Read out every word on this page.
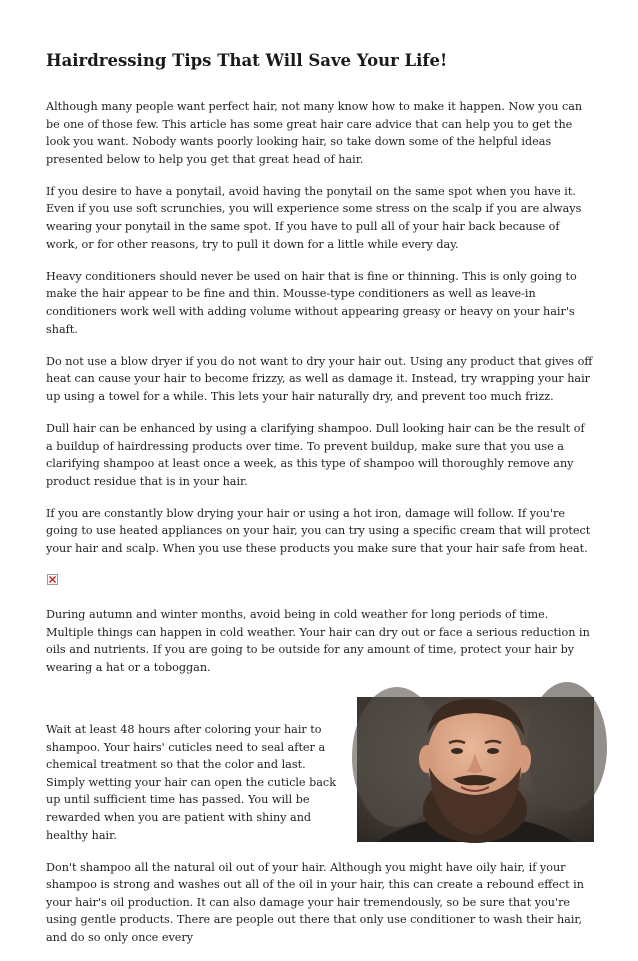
Hairdressing Tips That Will Save Your Life!

Although many people want perfect hair, not many know how to make it happen. Now you can be one of those few. This article has some great hair care advice that can help you to get the look you want. Nobody wants poorly looking hair, so take down some of the helpful ideas presented below to help you get that great head of hair.

If you desire to have a ponytail, avoid having the ponytail on the same spot when you have it. Even if you use soft scrunchies, you will experience some stress on the scalp if you are always wearing your ponytail in the same spot. If you have to pull all of your hair back because of work, or for other reasons, try to pull it down for a little while every day.

Heavy conditioners should never be used on hair that is fine or thinning. This is only going to make the hair appear to be fine and thin. Mousse-type conditioners as well as leave-in conditioners work well with adding volume without appearing greasy or heavy on your hair's shaft.

Do not use a blow dryer if you do not want to dry your hair out. Using any product that gives off heat can cause your hair to become frizzy, as well as damage it. Instead, try wrapping your hair up using a towel for a while. This lets your hair naturally dry, and prevent too much frizz.

Dull hair can be enhanced by using a clarifying shampoo. Dull looking hair can be the result of a buildup of hairdressing products over time. To prevent buildup, make sure that you use a clarifying shampoo at least once a week, as this type of shampoo will thoroughly remove any product residue that is in your hair.

If you are constantly blow drying your hair or using a hot iron, damage will follow. If you're going to use heated appliances on your hair, you can try using a specific cream that will protect your hair and scalp. When you use these products you make sure that your hair safe from heat.

During autumn and winter months, avoid being in cold weather for long periods of time. Multiple things can happen in cold weather. Your hair can dry out or face a serious reduction in oils and nutrients. If you are going to be outside for any amount of time, protect your hair by wearing a hat or a toboggan.

Wait at least 48 hours after coloring your hair to shampoo. Your hairs' cuticles need to seal after a chemical treatment so that the color and last. Simply wetting your hair can open the cuticle back up until sufficient time has passed. You will be rewarded when you are patient with shiny and healthy hair.

Don't shampoo all the natural oil out of your hair. Although you might have oily hair, if your shampoo is strong and washes out all of the oil in your hair, this can create a rebound effect in your hair's oil production. It can also damage your hair tremendously, so be sure that you're using gentle products. There are people out there that only use conditioner to wash their hair, and do so only once every
